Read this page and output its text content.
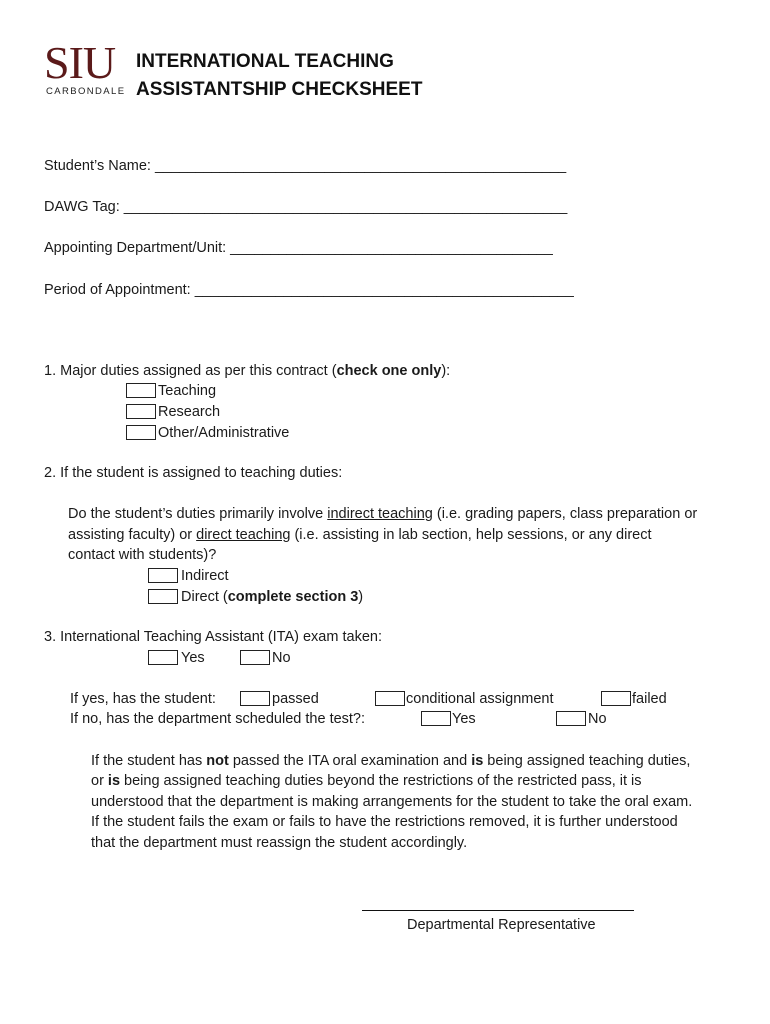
SIU
CARBONDALE
INTERNATIONAL TEACHING
ASSISTANTSHIP CHECKSHEET
Student’s Name: ___________________________________________________
DAWG Tag: _______________________________________________________
Appointing Department/Unit: ________________________________________
Period of Appointment: _______________________________________________
1. Major duties assigned as per this contract (check one only):
Teaching
Research
Other/Administrative
2. If the student is assigned to teaching duties:
Do the student’s duties primarily involve indirect teaching (i.e. grading papers, class preparation or
assisting faculty) or direct teaching (i.e. assisting in lab section, help sessions, or any direct
contact with students)?
Indirect
Direct (complete section 3)
3. International Teaching Assistant (ITA) exam taken:
Yes	No
If yes, has the student:	passed	conditional assignment	failed
If no, has the department scheduled the test?:	Yes	No
If the student has not passed the ITA oral examination and is being assigned teaching duties,
or is being assigned teaching duties beyond the restrictions of the restricted pass, it is
understood that the department is making arrangements for the student to take the oral exam.
If the student fails the exam or fails to have the restrictions removed, it is further understood
that the department must reassign the student accordingly.
Departmental Representative
